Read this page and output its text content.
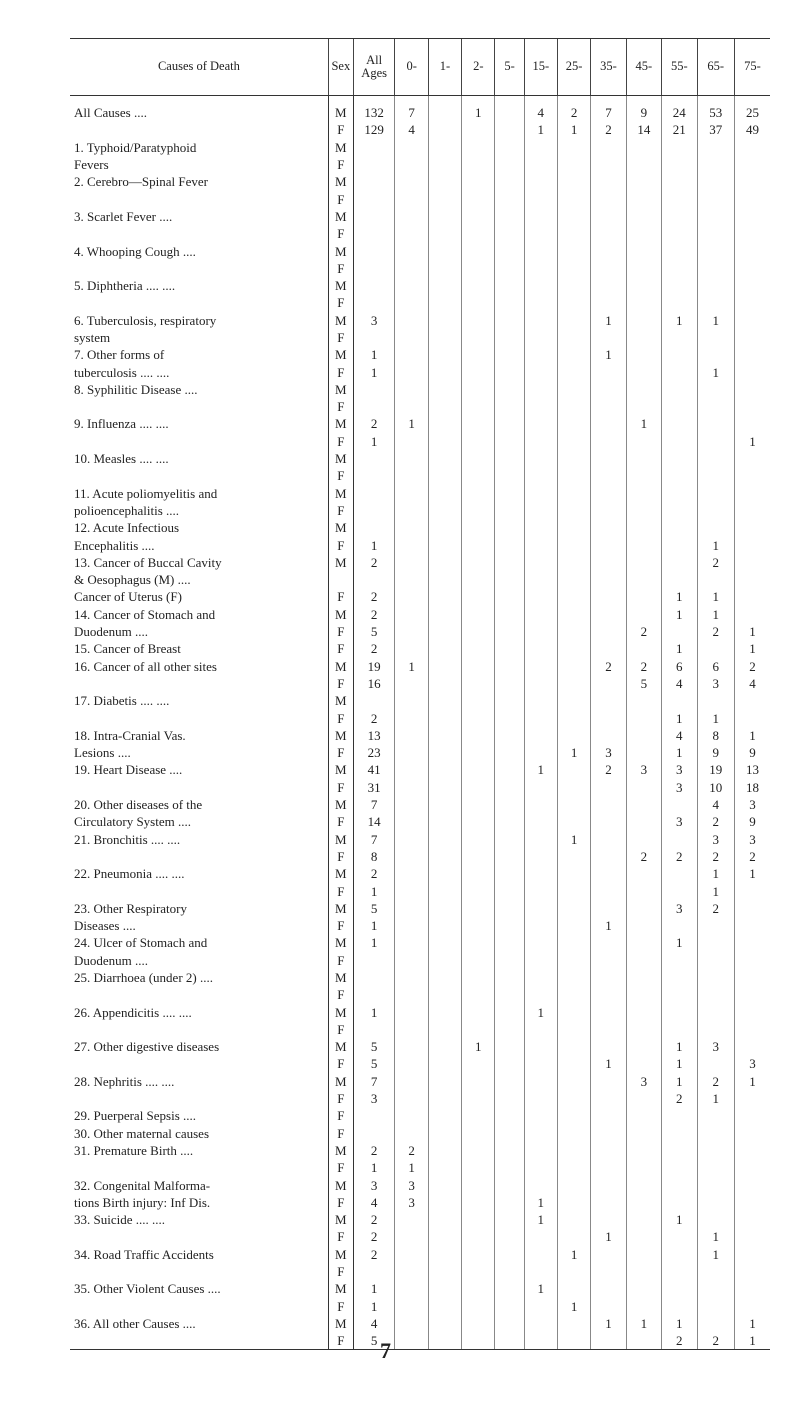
Causes of Death	Sex	All Ages	0-	1-	2-	5-	15-	25-	35-	45-	55-	65-	75-
All Causes ....	M	132	7		1		4	2	7	9	24	53	25
	F	129	4				1	1	2	14	21	37	49
1. Typhoid/Paratyphoid	M												
Fevers	F												
2. Cerebro—Spinal Fever	M												
	F												
3. Scarlet Fever ....	M												
	F												
4. Whooping Cough ....	M												
	F												
5. Diphtheria .... ....	M												
	F												
6. Tuberculosis, respiratory	M	3							1		1	1	
system	F												
7. Other forms of	M	1							1				
tuberculosis .... ....	F	1										1	
8. Syphilitic Disease ....	M												
	F												
9. Influenza .... ....	M	2	1							1			
	F	1											1
10. Measles .... ....	M												
	F												
11. Acute poliomyelitis and	M												
polioencephalitis ....	F												
12. Acute Infectious	M												
Encephalitis ....	F	1										1	
13. Cancer of Buccal Cavity	M	2										2	
& Oesophagus (M) ....													
Cancer of Uterus (F)	F	2									1	1	
14. Cancer of Stomach and	M	2									1	1	
Duodenum ....	F	5								2		2	1
15. Cancer of Breast	F	2									1		1
16. Cancer of all other sites	M	19	1						2	2	6	6	2
	F	16								5	4	3	4
17. Diabetis .... ....	M												
	F	2									1	1	
18. Intra-Cranial Vas.	M	13									4	8	1
Lesions ....	F	23						1	3		1	9	9
19. Heart Disease ....	M	41					1		2	3	3	19	13
	F	31									3	10	18
20. Other diseases of the	M	7										4	3
Circulatory System ....	F	14									3	2	9
21. Bronchitis .... ....	M	7						1				3	3
	F	8								2	2	2	2
22. Pneumonia .... ....	M	2										1	1
	F	1										1	
23. Other Respiratory	M	5									3	2	
Diseases ....	F	1							1				
24. Ulcer of Stomach and	M	1									1		
Duodenum ....	F												
25. Diarrhoea (under 2) ....	M												
	F												
26. Appendicitis .... ....	M	1					1						
	F												
27. Other digestive diseases	M	5			1						1	3	
	F	5							1		1		3
28. Nephritis .... ....	M	7								3	1	2	1
	F	3									2	1	
29. Puerperal Sepsis ....	F												
30. Other maternal causes	F												
31. Premature Birth ....	M	2	2										
	F	1	1										
32. Congenital Malforma-	M	3	3										
tions Birth injury: Inf Dis.	F	4	3				1						
33. Suicide .... ....	M	2					1				1		
	F	2							1			1	
34. Road Traffic Accidents	M	2						1				1	
	F												
35. Other Violent Causes ....	M	1					1						
	F	1						1					
36. All other Causes ....	M	4							1	1	1		1
	F	5									2	2	1
7
